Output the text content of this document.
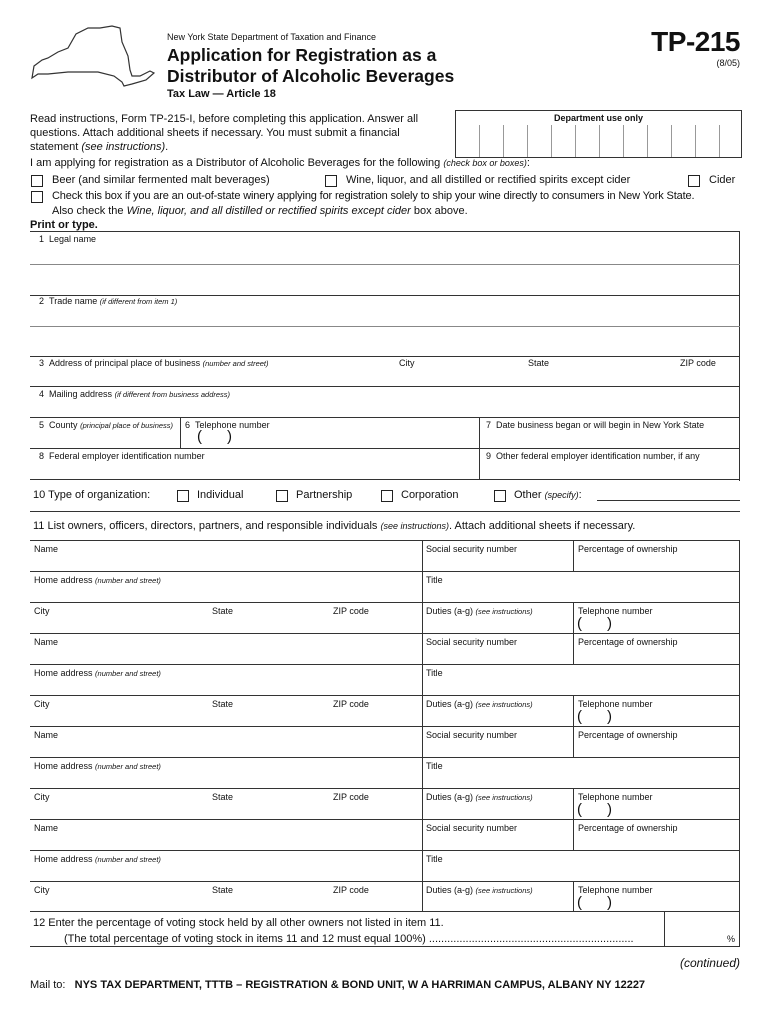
New York State Department of Taxation and Finance
Application for Registration as a
Distributor of Alcoholic Beverages
Tax Law — Article 18
TP-215
(8/05)
Read instructions, Form TP-215-I, before completing this application. Answer all
questions. Attach additional sheets if necessary. You must submit a financial
statement (see instructions).
Department use only
I am applying for registration as a Distributor of Alcoholic Beverages for the following (check box or boxes):
Beer (and similar fermented malt beverages)	Wine, liquor, and all distilled or rectified spirits except cider	Cider
Check this box if you are an out-of-state winery applying for registration solely to ship your wine directly to consumers in New York State.
Also check the Wine, liquor, and all distilled or rectified spirits except cider box above.
Print or type.
1 Legal name
2 Trade name (if different from item 1)
3 Address of principal place of business (number and street)	City	State	ZIP code
4 Mailing address (if different from business address)
5 County (principal place of business) 6 Telephone number
( )
7 Date business began or will begin in New York State
8 Federal employer identification number	9 Other federal employer identification number, if any
10 Type of organization:	Individual	Partnership	Corporation	Other (specify):
11 List owners, officers, directors, partners, and responsible individuals (see instructions). Attach additional sheets if necessary.
Name	Social security number	Percentage of ownership
Home address (number and street)	Title
City	State	ZIP code	Duties (a-g) (see instructions)	Telephone number
( )
Name	Social security number	Percentage of ownership
Home address (number and street)	Title
City	State	ZIP code	Duties (a-g) (see instructions)	Telephone number
( )
Name	Social security number	Percentage of ownership
Home address (number and street)	Title
City	State	ZIP code	Duties (a-g) (see instructions)	Telephone number
( )
Name	Social security number	Percentage of ownership
Home address (number and street)	Title
City	State	ZIP code	Duties (a-g) (see instructions)	Telephone number
( )
12 Enter the percentage of voting stock held by all other owners not listed in item 11.
(The total percentage of voting stock in items 11 and 12 must equal 100%) ...................................................................	%
(continued)
Mail to: NYS TAX DEPARTMENT, TTTB – REGISTRATION & BOND UNIT, W A HARRIMAN CAMPUS, ALBANY NY 12227
